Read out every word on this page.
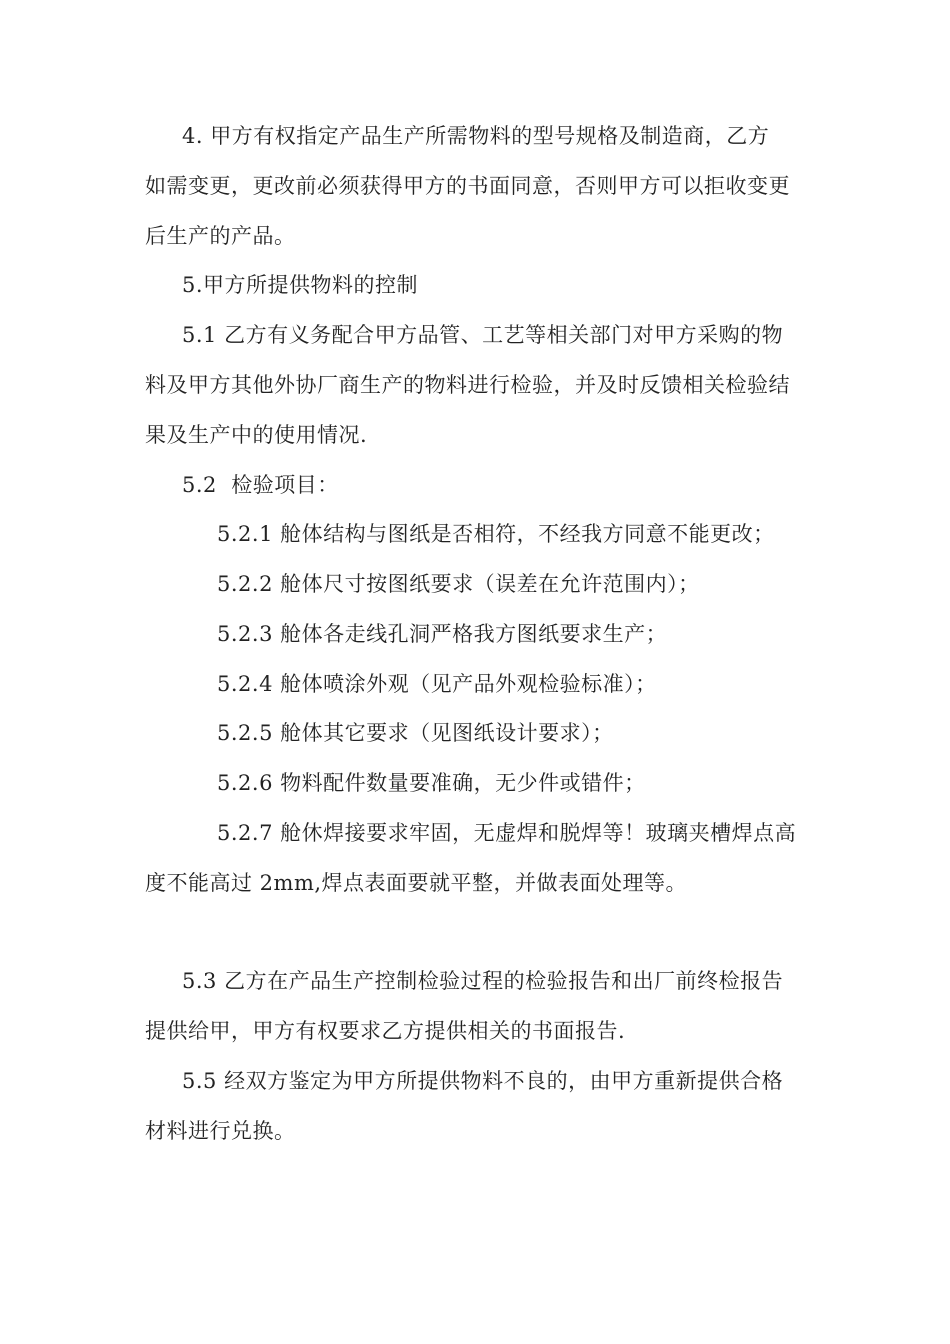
4. 甲方有权指定产品生产所需物料的型号规格及制造商，乙方
如需变更，更改前必须获得甲方的书面同意，否则甲方可以拒收变更
后生产的产品。
5.甲方所提供物料的控制
5.1 乙方有义务配合甲方品管、工艺等相关部门对甲方采购的物
料及甲方其他外协厂商生产的物料进行检验，并及时反馈相关检验结
果及生产中的使用情况.
5.2  检验项目：
5.2.1 舱体结构与图纸是否相符，不经我方同意不能更改；
5.2.2 舱体尺寸按图纸要求（误差在允许范围内）；
5.2.3 舱体各走线孔洞严格我方图纸要求生产；
5.2.4 舱体喷涂外观（见产品外观检验标准）；
5.2.5 舱体其它要求（见图纸设计要求）；
5.2.6 物料配件数量要准确，无少件或错件；
5.2.7 舱休焊接要求牢固，无虚焊和脱焊等！玻璃夹槽焊点高
度不能高过 2mm,焊点表面要就平整，并做表面处理等。
5.3 乙方在产品生产控制检验过程的检验报告和出厂前终检报告
提供给甲，甲方有权要求乙方提供相关的书面报告.
5.5 经双方鉴定为甲方所提供物料不良的，由甲方重新提供合格
材料进行兑换。
